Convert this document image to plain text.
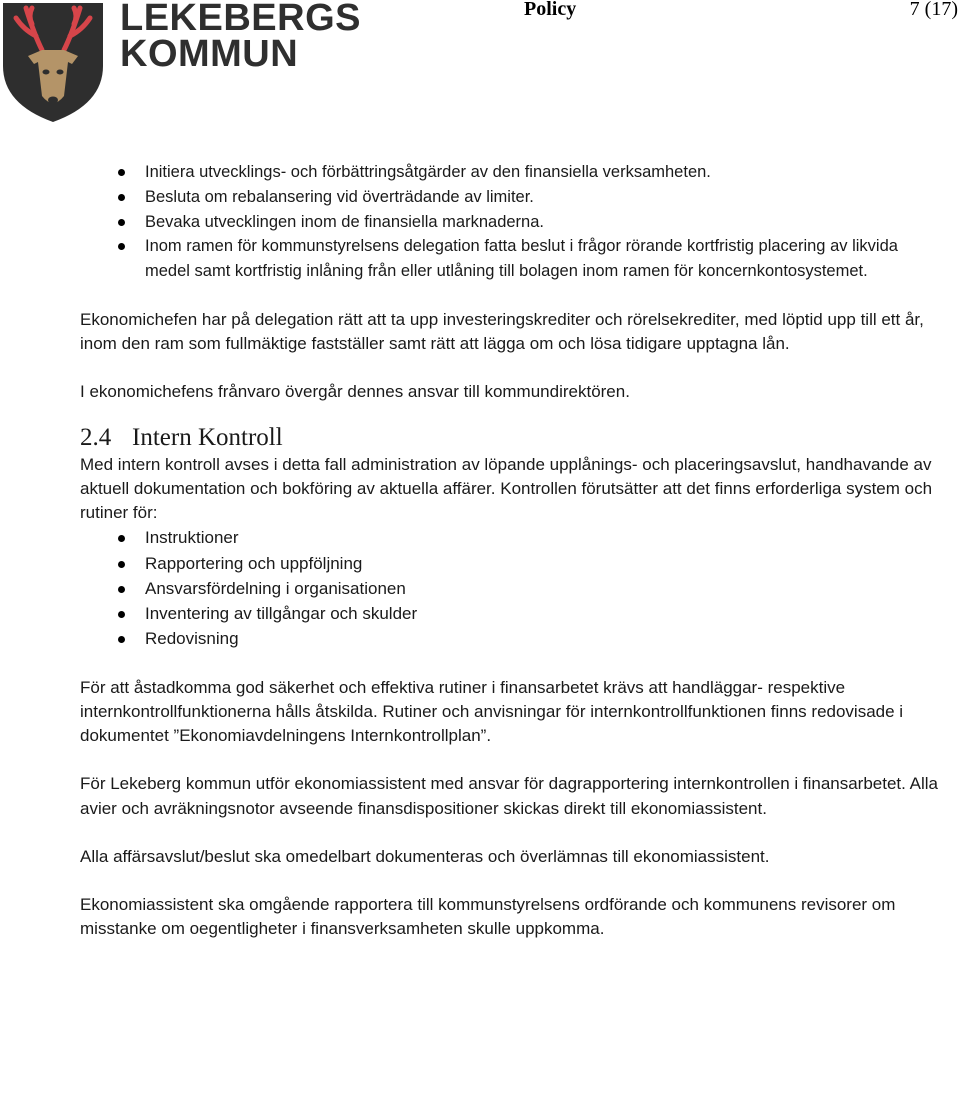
LEKEBERGS
KOMMUN
Policy	7 (17)
Initiera utvecklings- och förbättringsåtgärder av den finansiella verksamheten.
Besluta om rebalansering vid överträdande av limiter.
Bevaka utvecklingen inom de finansiella marknaderna.
Inom ramen för kommunstyrelsens delegation fatta beslut i frågor rörande kortfristig placering av likvida medel samt kortfristig inlåning från eller utlåning till bolagen inom ramen för koncernkontosystemet.

Ekonomichefen har på delegation rätt att ta upp investeringskrediter och rörelsekrediter, med löptid upp till ett år, inom den ram som fullmäktige fastställer samt rätt att lägga om och lösa tidigare upptagna lån.

I ekonomichefens frånvaro övergår dennes ansvar till kommundirektören.

2.4 Intern Kontroll

Med intern kontroll avses i detta fall administration av löpande upplånings- och placeringsavslut, handhavande av aktuell dokumentation och bokföring av aktuella affärer. Kontrollen förutsätter att det finns erforderliga system och rutiner för:

Instruktioner
Rapportering och uppföljning
Ansvarsfördelning i organisationen
Inventering av tillgångar och skulder
Redovisning

För att åstadkomma god säkerhet och effektiva rutiner i finansarbetet krävs att handläggar- respektive internkontrollfunktionerna hålls åtskilda. Rutiner och anvisningar för internkontrollfunktionen finns redovisade i dokumentet ”Ekonomiavdelningens Internkontrollplan”.

För Lekeberg kommun utför ekonomiassistent med ansvar för dagrapportering internkontrollen i finansarbetet. Alla avier och avräkningsnotor avseende finansdispositioner skickas direkt till ekonomiassistent.

Alla affärsavslut/beslut ska omedelbart dokumenteras och överlämnas till ekonomiassistent.

Ekonomiassistent ska omgående rapportera till kommunstyrelsens ordförande och kommunens revisorer om misstanke om oegentligheter i finansverksamheten skulle uppkomma.
